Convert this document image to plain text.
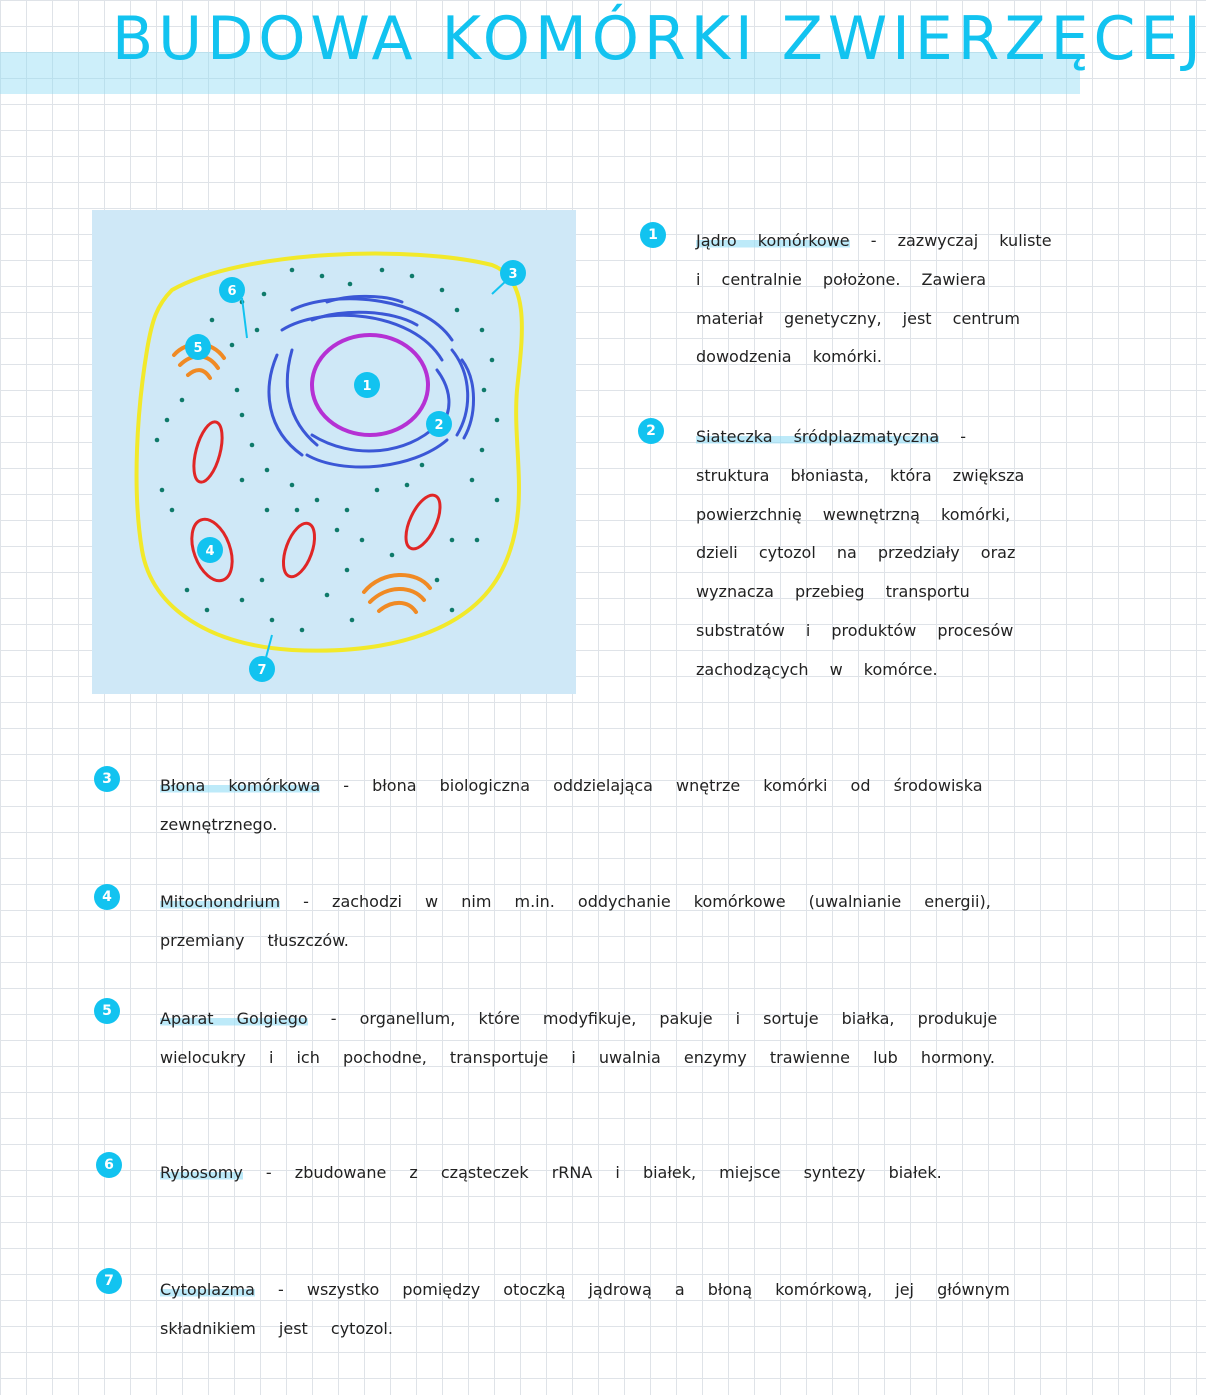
BUDOWA KOMÓRKI ZWIERZĘCEJ
1
2
3
4
5
6
7
1	Jądro komórkowe - zazwyczaj kuliste i centralnie położone. Zawiera materiał genetyczny, jest centrum dowodzenia komórki.
2	Siateczka śródplazmatyczna - struktura błoniasta, która zwiększa powierzchnię wewnętrzną komórki, dzieli cytozol na przedziały oraz wyznacza przebieg transportu substratów i produktów procesów zachodzących w komórce.
3	Błona komórkowa - błona biologiczna oddzielająca wnętrze komórki od środowiska zewnętrznego.
4	Mitochondrium - zachodzi w nim m.in. oddychanie komórkowe (uwalnianie energii), przemiany tłuszczów.
5	Aparat Golgiego - organellum, które modyfikuje, pakuje i sortuje białka, produkuje wielocukry i ich pochodne, transportuje i uwalnia enzymy trawienne lub hormony.
6	Rybosomy - zbudowane z cząsteczek rRNA i białek, miejsce syntezy białek.
7	Cytoplazma - wszystko pomiędzy otoczką jądrową a błoną komórkową, jej głównym składnikiem jest cytozol.
